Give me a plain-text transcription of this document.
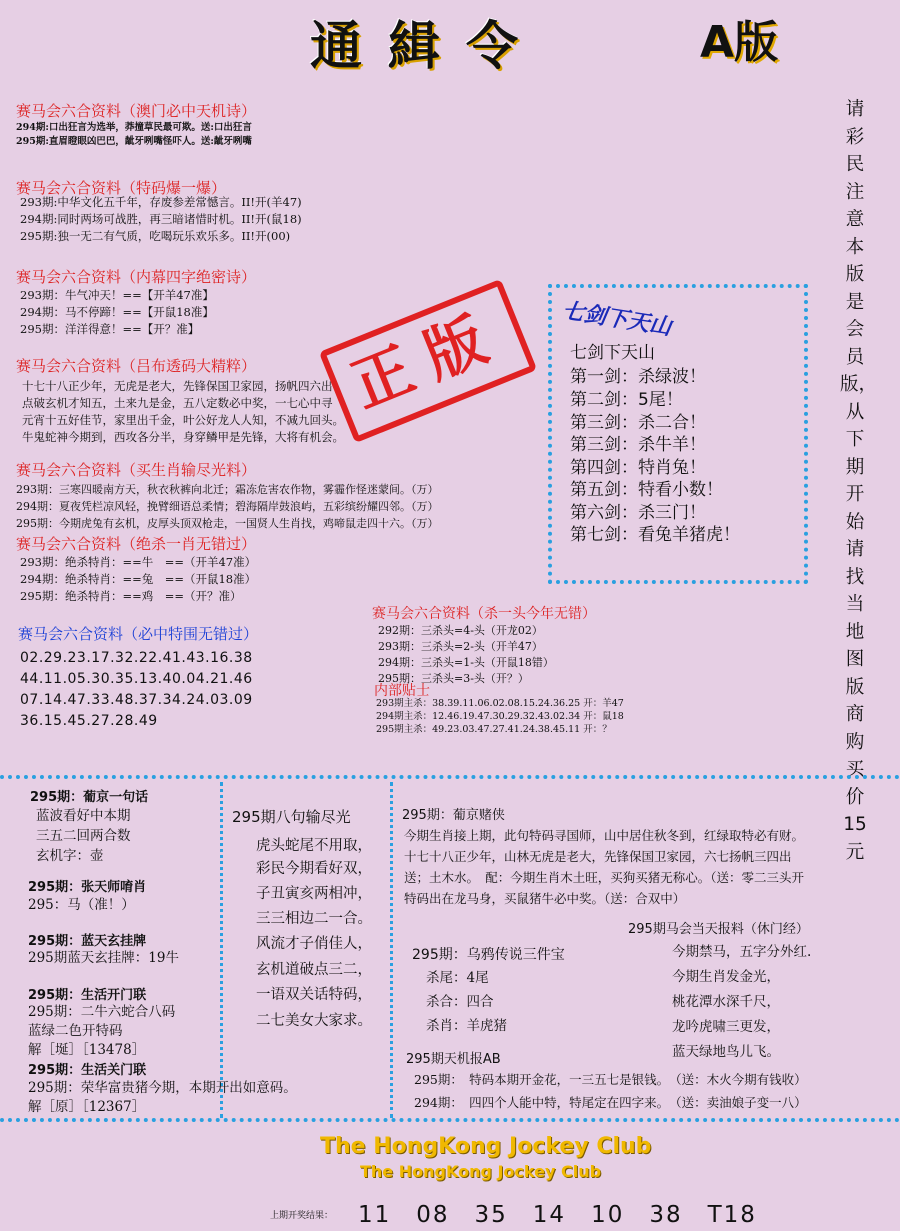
通緝令	A版
赛马会六合资料（澳门必中天机诗）
294期:口出狂言为选举，莽撞草民最可欺。送:口出狂言
295期:直眉瞪眼凶巴巴，龇牙咧嘴怪吓人。送:龇牙咧嘴
赛马会六合资料（特码爆一爆）
293期:中华文化五千年，存废参差常憾言。II!开(羊47)
294期:同时两场可战胜，再三暗诸惜时机。II!开(鼠18)
295期:独一无二有气质，吃喝玩乐欢乐多。II!开(00)
赛马会六合资料（内幕四字绝密诗）
293期：牛气冲天！==【开羊47准】
294期：马不停蹄！==【开鼠18准】
295期：洋洋得意！==【开？准】
赛马会六合资料（吕布透码大精粹）
十七十八正少年，无虎是老大，先锋保国卫家园，扬帆四六出
点破玄机才知五，土来九是金，五八定数必中奖，一七心中寻
元宵十五好佳节，家里出千金，叶公好龙人人知，不减九回头。
牛鬼蛇神今期到，西攻各分半，身穿鳞甲是先锋，大将有机会。
正版
赛马会六合资料（买生肖输尽光料）
293期：三寒四暖南方天，秋衣秋裤向北迁；霜冻危害农作物，雾霾作怪迷蒙间。（万）
294期：夏夜凭栏凉风轻，挽臂细语总柔情；碧海隔岸鼓浪屿，五彩缤纷耀四邻。（万）
295期：今期虎兔有玄机，皮厚头顶双枪走，一国贤人生肖找，鸡啼鼠走四十六。（万）
赛马会六合资料（绝杀一肖无错过）
293期：绝杀特肖：==牛　==（开羊47准）
294期：绝杀特肖：==兔　==（开鼠18准）
295期：绝杀特肖：==鸡　==（开？准）
赛马会六合资料（必中特围无错过）
02.29.23.17.32.22.41.43.16.38
44.11.05.30.35.13.40.04.21.46
07.14.47.33.48.37.34.24.03.09
36.15.45.27.28.49
赛马会六合资料（杀一头今年无错）
292期：三杀头=4-头（开龙02）
293期：三杀头=2-头（开羊47）
294期：三杀头=1-头（开鼠18错）
295期：三杀头=3-头（开？）
内部贴士
293期主杀：38.39.11.06.02.08.15.24.36.25 开：羊47
294期主杀：12.46.19.47.30.29.32.43.02.34 开：鼠18
295期主杀：49.23.03.47.27.41.24.38.45.11 开：？
七剑下天山
七剑下天山
第一剑：杀绿波！
第二剑：5尾！
第三剑：杀二合！
第三剑：杀牛羊！
第四剑：特肖兔！
第五剑：特看小数！
第六剑：杀三门！
第七剑：看兔羊猪虎！
请彩民注意本版是会员版，从下期开始请找当地图版商购买价15元
295期：葡京一句话
蓝波看好中本期
三五二回两合数
玄机字：壶
295期：张天师唷肖
295：马（准！）
295期：蓝天玄挂牌
295期蓝天玄挂牌：19牛
295期：生活开门联
295期：二牛六蛇合八码
蓝绿二色开特码
解［埏］［13478］
295期：生活关门联
295期：荣华富贵猪今期，本期开出如意码。
解［原］［12367］
295期八句输尽光
虎头蛇尾不用取，
彩民今期看好双，
子丑寅亥两相冲，
三三相边二一合。
风流才子俏佳人，
玄机道破点三二，
一语双关话特码，
二七美女大家求。
295期：葡京赌侠
今期生肖接上期，此句特码寻国师，山中居住秋冬到，红绿取特必有财。
十七十八正少年，山林无虎是老大，先锋保国卫家园，六七扬帆三四出
送；土木水。　配：今期生肖木土旺，买狗买猪无称心。（送：零二三头开
特码出在龙马身，买鼠猪牛必中奖。（送：合双中）
295期马会当天报料（休门经）
今期禁马，五字分外红.
今期生肖发金光，
桃花潭水深千尺，
龙吟虎啸三更发，
蓝天绿地鸟儿飞。
295期：乌鸦传说三件宝
杀尾：4尾
杀合：四合
杀肖：羊虎猪
295期天机报AB
295期：　特码本期开金花，一三五七是银钱。　（送：木火今期有钱收）
294期：　四四个人能中特，特尾定在四字来。　（送：卖油娘子变一八）
The HongKong Jockey Club
The HongKong Jockey Club
上期开奖结果： 11　08　35　14　10　38　T18
